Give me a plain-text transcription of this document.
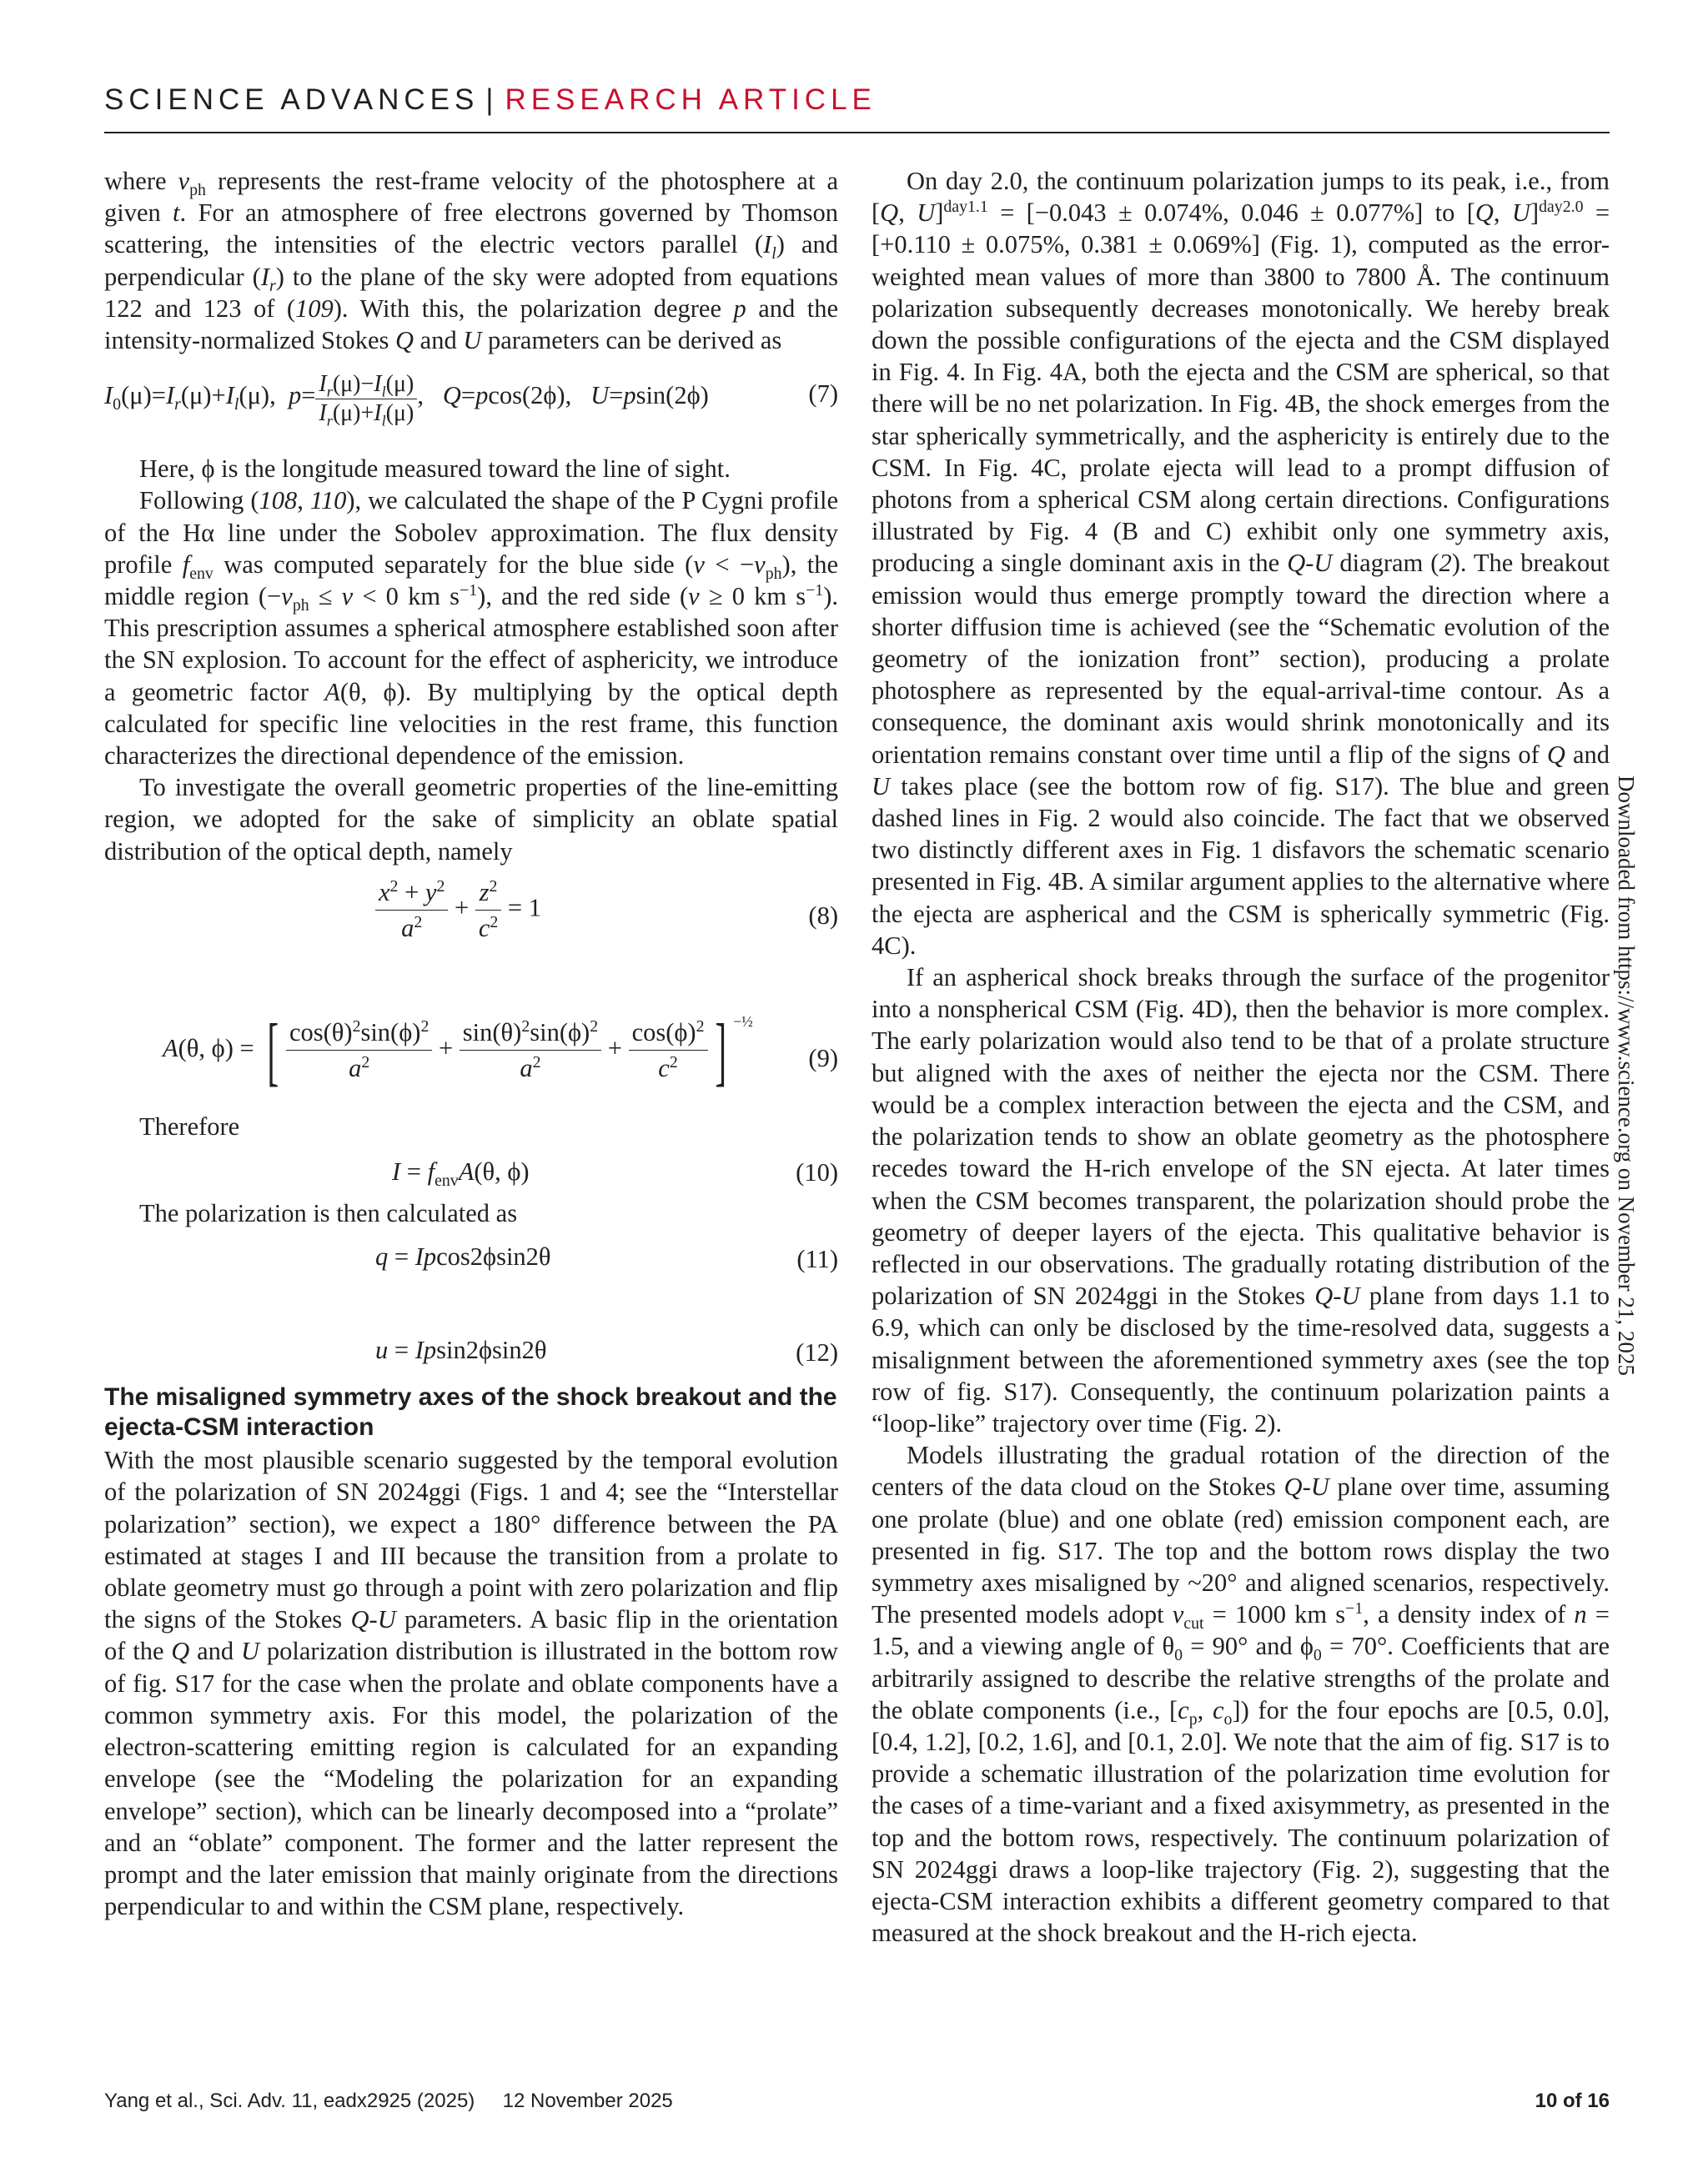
SCIENCE ADVANCES | RESEARCH ARTICLE

where $v_{ph}$ represents the rest-frame velocity of the photosphere at a given t. For an atmosphere of free electrons governed by Thomson scattering, the intensities of the electric vectors parallel $(I_l)$ and perpendicular $(I_r)$ to the plane of the sky were adopted from equations 122 and 123 of (109). With this, the polarization degree p and the intensity-normalized Stokes Q and U parameters can be derived as

$I_0(\mu)=I_r(\mu)+I_l(\mu)$,  $p= \frac{I_r(\mu)-I_l(\mu)}{I_r(\mu)+I_l(\mu)}$ ,   Q=pcos(2ϕ),   U=psin(2ϕ)	(7)

Here, ϕ is the longitude measured toward the line of sight.

Following (108, 110), we calculated the shape of the P Cygni profile of the Hα line under the Sobolev approximation. The flux density profile $f_{env}$ was computed separately for the blue side $(v < -v_{ph})$, the middle region ($-v_{ph} \le v < 0$ km $s^{-1}$), and the red side (v ≥ 0 km $s^{-1}$). This prescription assumes a spherical atmosphere established soon after the SN explosion. To account for the effect of asphericity, we introduce a geometric factor A(θ, ϕ). By multiplying by the optical depth calculated for specific line velocities in the rest frame, this function characterizes the directional dependence of the emission.

To investigate the overall geometric properties of the line-emitting region, we adopted for the sake of simplicity an oblate spatial distribution of the optical depth, namely

$\frac{x^2 + y^2}{a^2} + \frac{z^2}{c^2} = 1$	(8)
A(θ, ϕ) = [ $\frac{\cos(\theta)^2\sin(\phi)^2}{a^2} + \frac{\sin(\theta)^2\sin(\phi)^2}{a^2} + \frac{\cos(\phi)^2}{c^2}$ ] $^{-\frac{1}{2}}$
(9)

Therefore

$I = f_{env}A(\theta$, ϕ)	(10)

The polarization is then calculated as

q = Ipcos2ϕsin2θ	(11)
u = Ipsin2ϕsin2θ	(12)
The misaligned symmetry axes of the shock breakout and the ejecta-CSM interaction

With the most plausible scenario suggested by the temporal evolution of the polarization of SN 2024ggi (Figs. 1 and 4; see the “Interstellar polarization” section), we expect a 180° difference between the PA estimated at stages I and III because the transition from a prolate to oblate geometry must go through a point with zero polarization and flip the signs of the Stokes Q-U parameters. A basic flip in the orientation of the Q and U polarization distribution is illustrated in the bottom row of fig. S17 for the case when the prolate and oblate components have a common symmetry axis. For this model, the polarization of the electron-scattering emitting region is calculated for an expanding envelope (see the “Modeling the polarization for an expanding envelope” section), which can be linearly decomposed into a “prolate” and an “oblate” component. The former and the latter represent the prompt and the later emission that mainly originate from the directions perpendicular to and within the CSM plane, respectively.

On day 2.0, the continuum polarization jumps to its peak, i.e., from [Q, U]$^{day1.1}$ = [−0.043 ± 0.074%, 0.046 ± 0.077%] to [Q, U]$^{day2.0}$ = [+0.110 ± 0.075%, 0.381 ± 0.069%] (Fig. 1), computed as the error-weighted mean values of more than 3800 to 7800 Å. The continuum polarization subsequently decreases monotonically. We hereby break down the possible configurations of the ejecta and the CSM displayed in Fig. 4. In Fig. 4A, both the ejecta and the CSM are spherical, so that there will be no net polarization. In Fig. 4B, the shock emerges from the star spherically symmetrically, and the asphericity is entirely due to the CSM. In Fig. 4C, prolate ejecta will lead to a prompt diffusion of photons from a spherical CSM along certain directions. Configurations illustrated by Fig. 4 (B and C) exhibit only one symmetry axis, producing a single dominant axis in the Q-U diagram (2). The breakout emission would thus emerge promptly toward the direction where a shorter diffusion time is achieved (see the “Schematic evolution of the geometry of the ionization front” section), producing a prolate photosphere as represented by the equal-arrival-time contour. As a consequence, the dominant axis would shrink monotonically and its orientation remains constant over time until a flip of the signs of Q and U takes place (see the bottom row of fig. S17). The blue and green dashed lines in Fig. 2 would also coincide. The fact that we observed two distinctly different axes in Fig. 1 disfavors the schematic scenario presented in Fig. 4B. A similar argument applies to the alternative where the ejecta are aspherical and the CSM is spherically symmetric (Fig. 4C).

If an aspherical shock breaks through the surface of the progenitor into a nonspherical CSM (Fig. 4D), then the behavior is more complex. The early polarization would also tend to be that of a prolate structure but aligned with the axes of neither the ejecta nor the CSM. There would be a complex interaction between the ejecta and the CSM, and the polarization tends to show an oblate geometry as the photosphere recedes toward the H-rich envelope of the SN ejecta. At later times when the CSM becomes transparent, the polarization should probe the geometry of deeper layers of the ejecta. This qualitative behavior is reflected in our observations. The gradually rotating distribution of the polarization of SN 2024ggi in the Stokes Q-U plane from days 1.1 to 6.9, which can only be disclosed by the time-resolved data, suggests a misalignment between the aforementioned symmetry axes (see the top row of fig. S17). Consequently, the continuum polarization paints a “loop-like” trajectory over time (Fig. 2).

Models illustrating the gradual rotation of the direction of the centers of the data cloud on the Stokes Q-U plane over time, assuming one prolate (blue) and one oblate (red) emission component each, are presented in fig. S17. The top and the bottom rows display the two symmetry axes misaligned by ~20° and aligned scenarios, respectively. The presented models adopt $v_{cut} = 1000$ km $s^{-1}$, a density index of n = 1.5, and a viewing angle of $\theta_0 = 90^\circ$ and $\phi_0 = 70^\circ$. Coefficients that are arbitrarily assigned to describe the relative strengths of the prolate and the oblate components (i.e., [$c_p$, $c_o$]) for the four epochs are [0.5, 0.0], [0.4, 1.2], [0.2, 1.6], and [0.1, 2.0]. We note that the aim of fig. S17 is to provide a schematic illustration of the polarization time evolution for the cases of a time-variant and a fixed axisymmetry, as presented in the top and the bottom rows, respectively. The continuum polarization of SN 2024ggi draws a loop-like trajectory (Fig. 2), suggesting that the ejecta-CSM interaction exhibits a different geometry compared to that measured at the shock breakout and the H-rich ejecta.

Downloaded from https://www.science.org on November 21, 2025
Yang et al., Sci. Adv. 11, eadx2925 (2025)     12 November 2025	10 of 16
